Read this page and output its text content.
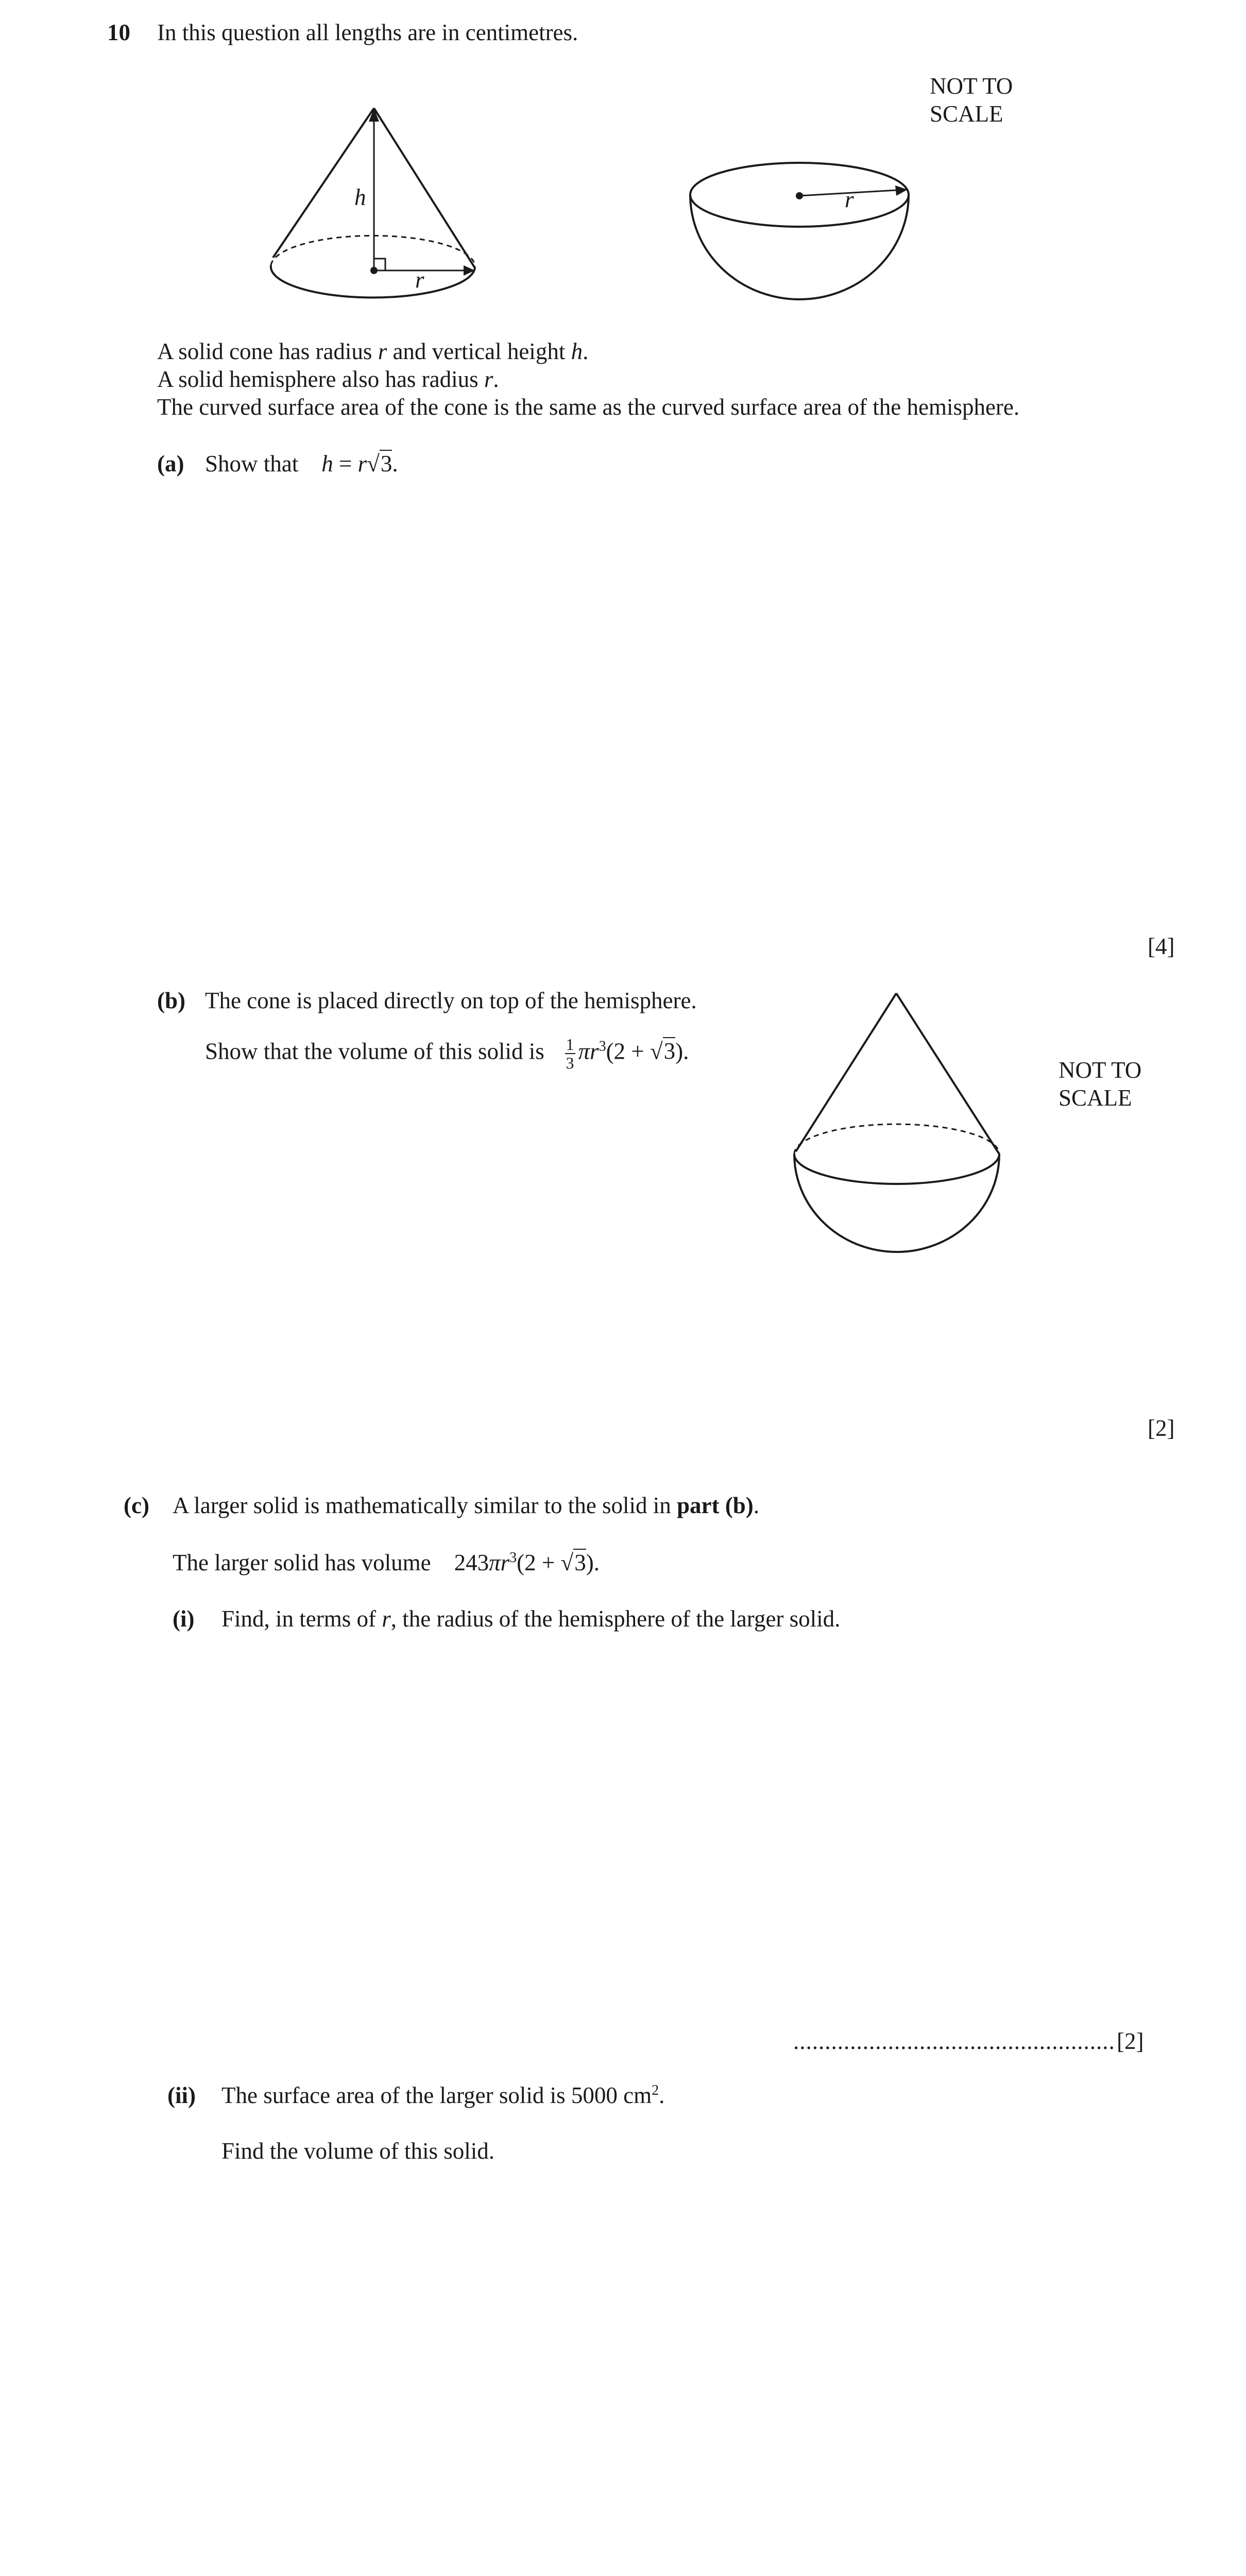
10 In this question all lengths are in centimetres.
NOT TO
SCALE
h
r
r
A solid cone has radius r and vertical height h.
A solid hemisphere also has radius r.
The curved surface area of the cone is the same as the curved surface area of the hemisphere.
(a) Show that h = r√3.
[4]
(b) The cone is placed directly on top of the hemisphere.
Show that the volume of this solid is $\frac{1}{3} \pi r^3(2 + √3)$.
NOT TO
SCALE
[2]
(c) A larger solid is mathematically similar to the solid in part (b).
The larger solid has volume $243\pi r^3(2 + √3)$.
(i) Find, in terms of r, the radius of the hemisphere of the larger solid.
................................................... [2]
(ii) The surface area of the larger solid is 5000 $cm^2$.
Find the volume of this solid.
